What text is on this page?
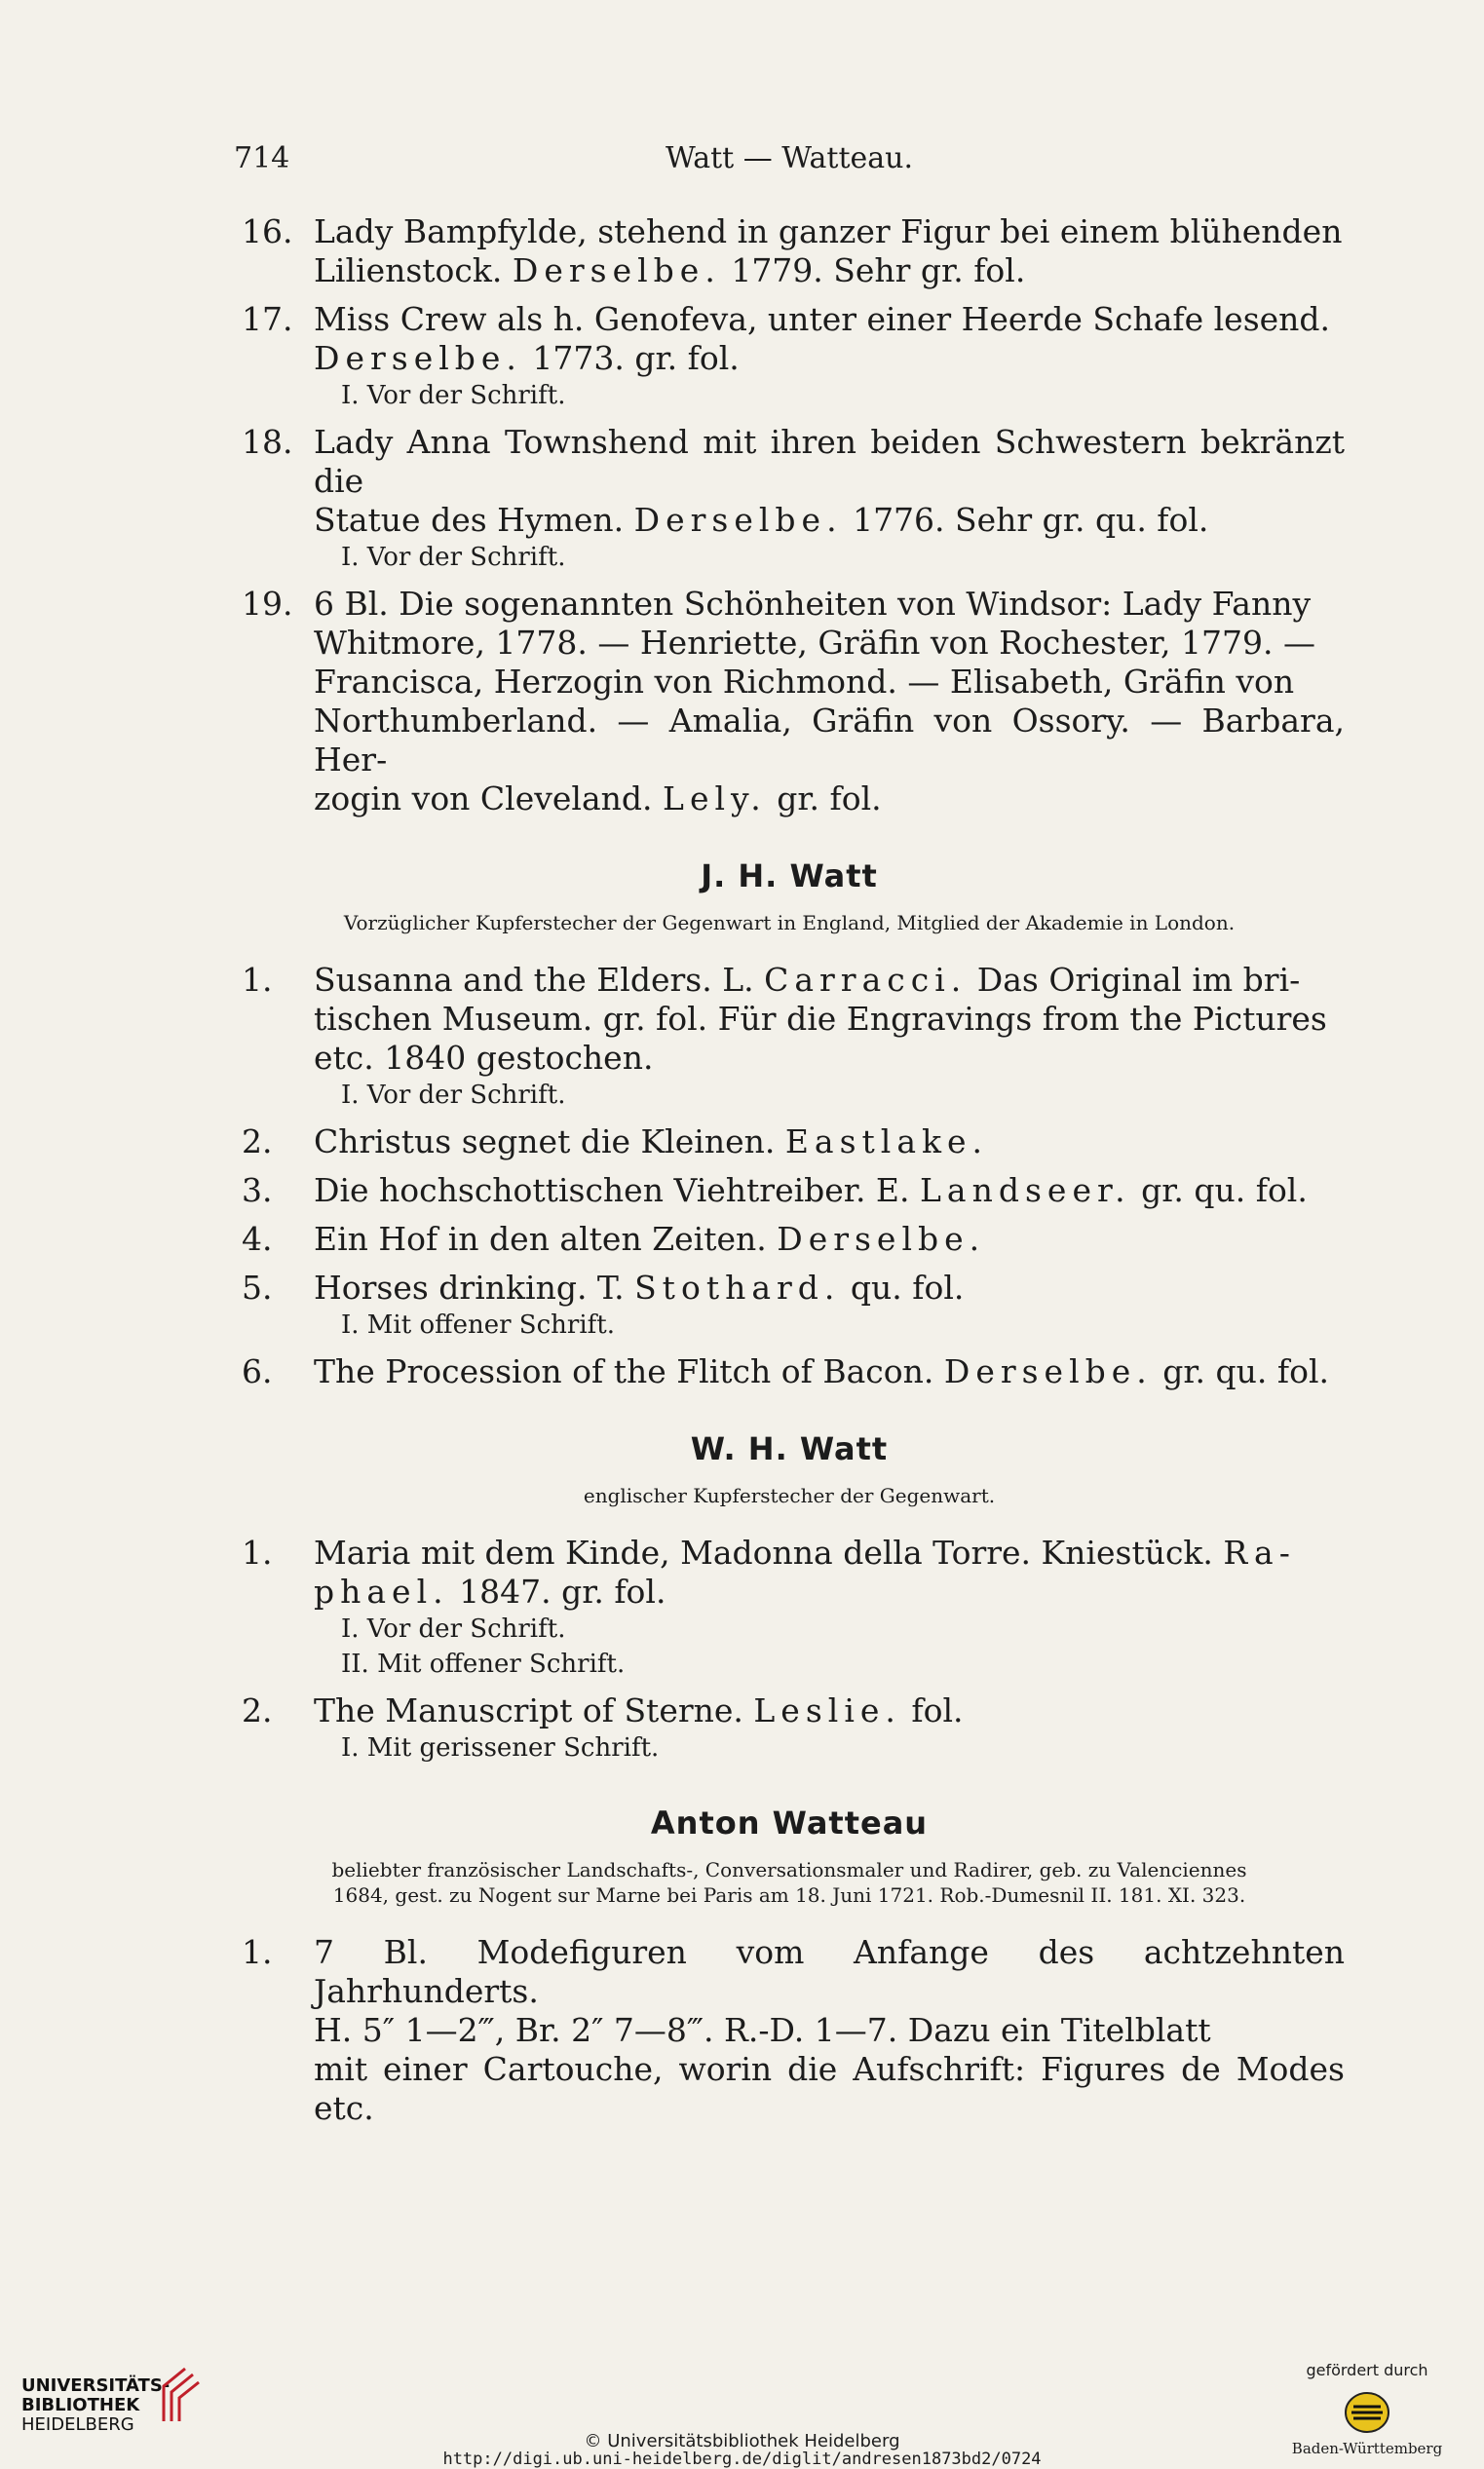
714	Watt — Watteau.
16. Lady Bampfylde, stehend in ganzer Figur bei einem blühenden
Lilienstock. Derselbe. 1779. Sehr gr. fol.
17. Miss Crew als h. Genofeva, unter einer Heerde Schafe lesend.
Derselbe. 1773. gr. fol.
I. Vor der Schrift.
18. Lady Anna Townshend mit ihren beiden Schwestern bekränzt die
Statue des Hymen. Derselbe. 1776. Sehr gr. qu. fol.
I. Vor der Schrift.
19. 6 Bl. Die sogenannten Schönheiten von Windsor: Lady Fanny
Whitmore, 1778. — Henriette, Gräfin von Rochester, 1779. —
Francisca, Herzogin von Richmond. — Elisabeth, Gräfin von
Northumberland. — Amalia, Gräfin von Ossory. — Barbara, Her-
zogin von Cleveland. Lely. gr. fol.
J. H. Watt
Vorzüglicher Kupferstecher der Gegenwart in England, Mitglied der Akademie in London.
1.	Susanna and the Elders. L. Carracci. Das Original im bri-
tischen Museum. gr. fol. Für die Engravings from the Pictures
etc. 1840 gestochen.
I. Vor der Schrift.
2.	Christus segnet die Kleinen. Eastlake.
3.	Die hochschottischen Viehtreiber. E. Landseer. gr. qu. fol.
4.	Ein Hof in den alten Zeiten. Derselbe.
5.	Horses drinking. T. Stothard. qu. fol.
I. Mit offener Schrift.
6.	The Procession of the Flitch of Bacon. Derselbe. gr. qu. fol.
W. H. Watt
englischer Kupferstecher der Gegenwart.
1.	Maria mit dem Kinde, Madonna della Torre. Kniestück. Ra-
phael. 1847. gr. fol.
I. Vor der Schrift.
II. Mit offener Schrift.
2.	The Manuscript of Sterne. Leslie. fol.
I. Mit gerissener Schrift.
Anton Watteau
beliebter französischer Landschafts-, Conversationsmaler und Radirer, geb. zu Valenciennes
1684, gest. zu Nogent sur Marne bei Paris am 18. Juni 1721. Rob.-Dumesnil II. 181. XI. 323.
1.	7 Bl. Modefiguren vom Anfange des achtzehnten Jahrhunderts.
H. 5″ 1—2‴, Br. 2″ 7—8‴. R.-D. 1—7. Dazu ein Titelblatt
mit einer Cartouche, worin die Aufschrift: Figures de Modes etc.
UNIVERSITÄTS-
BIBLIOTHEK
HEIDELBERG
© Universitätsbibliothek Heidelberg
http://digi.ub.uni-heidelberg.de/diglit/andresen1873bd2/0724
gefördert durch
Baden-Württemberg
